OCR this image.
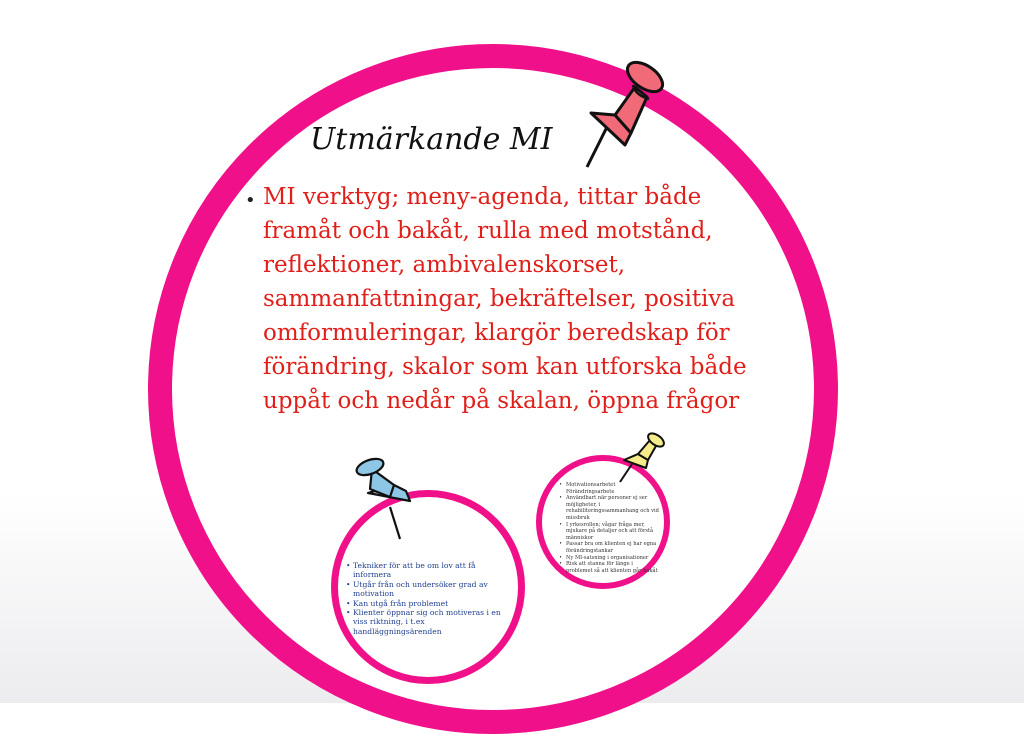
Utmärkande MI
• MI verktyg; meny-agenda, tittar både framåt och bakåt, rulla med motstånd, reflektioner, ambivalenskorset, sammanfattningar, bekräftelser, positiva omformuleringar, klargör beredskap för förändring, skalor som kan utforska både uppåt och nedår på skalan, öppna frågor

• Tekniker för att be om lov att få informera
• Utgår från och undersöker grad av motivation
• Kan utgå från problemet
• Klienter öppnar sig och motiveras i en viss riktning, i t.ex handläggningsärenden
• Motivationsarbetet Förändringsarbete
• Användbart när personer ej ser möjligheter, i rehabiliteringssammanhang och vid missbruk
• I yrkesrollen; vågar fråga mer, mjukare på detaljer och att förstå människor
• Passar bra om klienten ej har egna förändringstankar
• Ny MI-satsning i organisationer
• Risk att stanna för länge i problemet så att klienten går bakåt
